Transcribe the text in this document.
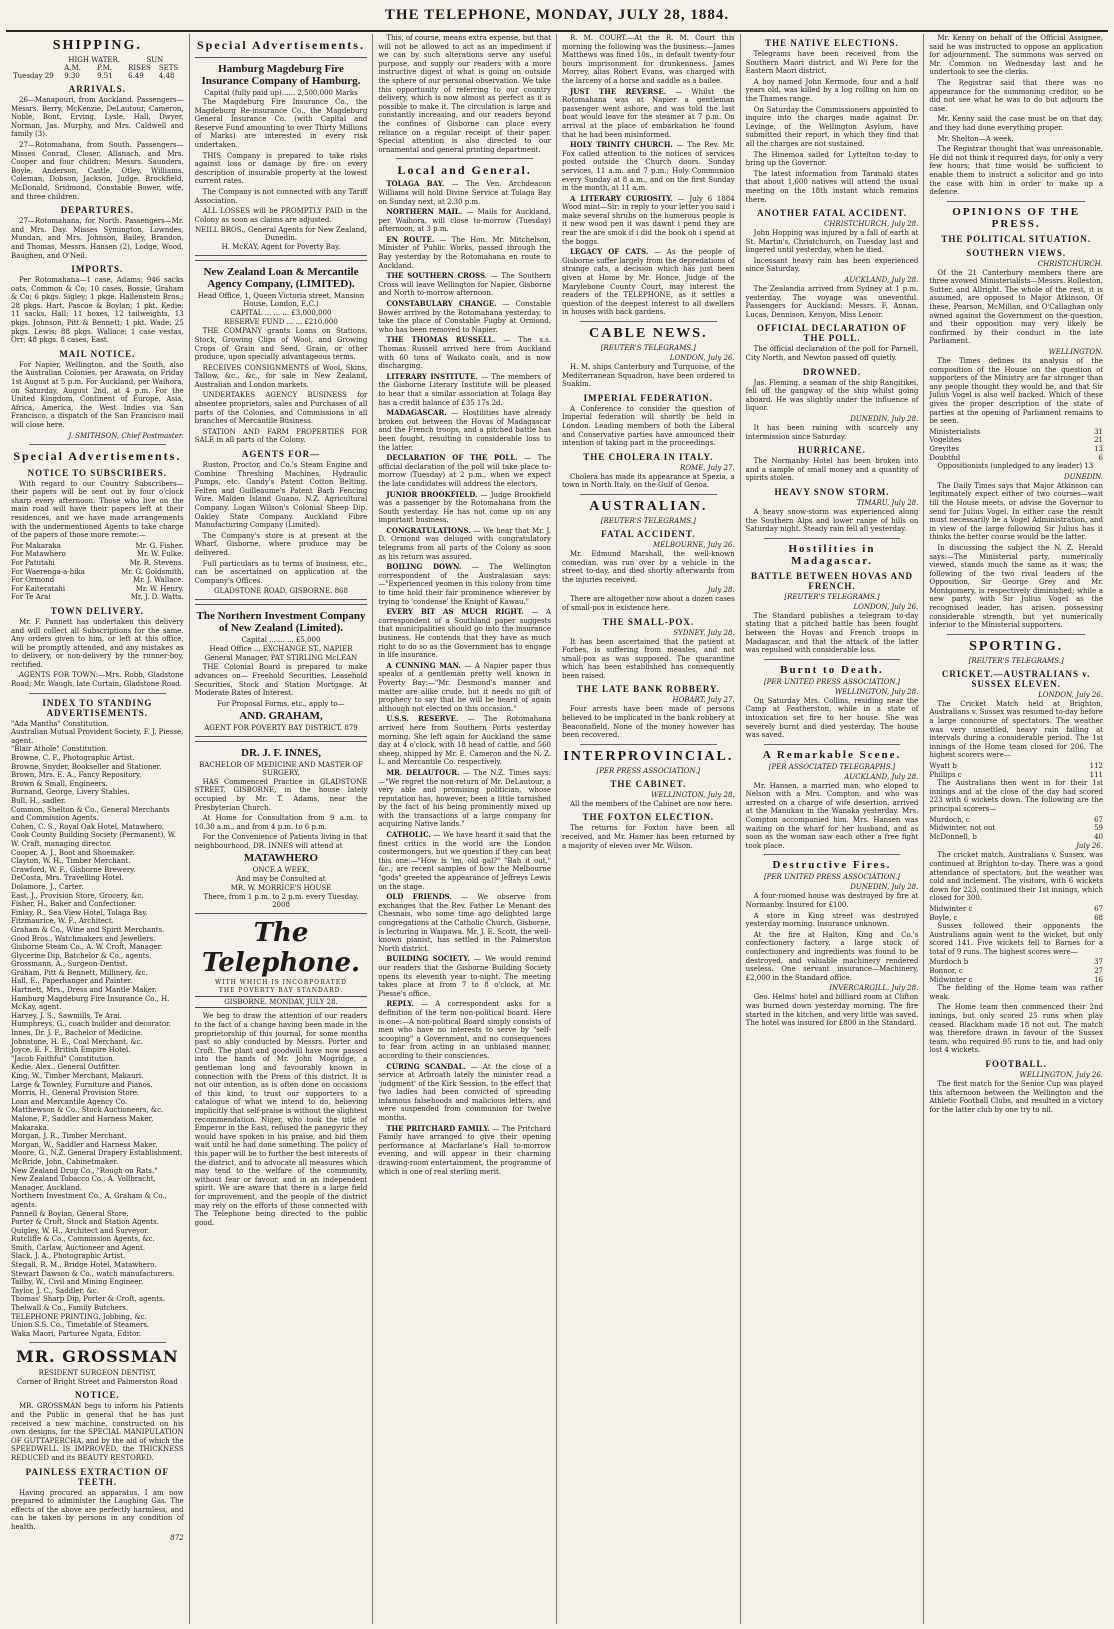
THE TELEPHONE, MONDAY, JULY 28, 1884.
SHIPPING.
	HIGH WATER.		SUN	
	A.M.	P.M.	RISES	SETS
Tuesday 29	9.30	9.51	6.49	4.48
ARRIVALS.

26—Manapouri, from Auckland. Passengers—Messrs. Berry, McKenzie, DeLautour, Cameron, Noble, Bont, Erving, Lysle, Hall, Dwyer, Norman, Jas. Murphy, and Mrs. Caldwell and family (3).

27—Rotomahana, from South. Passengers—Misses Conrad, Closer, Allanach, and Mrs. Cooper and four children; Messrs. Saunders, Boyle, Anderson, Castle, Otley, Williams, Coleman, Dobson, Jackson, Judge, Brockfield, McDonald, Sridmond, Constable Bower, wife, and three children.

DEPARTURES.

27—Rotomahana, for North. Passengers—Mr. and Mrs. Day. Misses Symington, Lowndes, Mundan, and Mrs. Johnson, Bailey, Brandon, and Thomas, Messrs. Hansen (2), Lodge, Wood, Baughen, and O'Neil.

IMPORTS.

Per Rotomahana—1 case, Adams; 946 sacks oats, Common & Co; 10 cases, Bossie, Graham & Co; 6 pkgs. Sigley; 1 pkge. Hallenstein Bros.; 28 pkgs. Hart, Pascoe & Boylan; 1 pkt. Kedie; 11 sacks, Hall; 11 boxes, 12 tailweights, 13 pkgs. Johnson, Pitt & Bennett; 1 pkt. Wade; 25 pkgs. Lewis; 88 pkgs. Wallace; 1 case vestas, Orr; 48 pkgs. 8 cases, East.

MAIL NOTICE.

For Napier, Wellington, and the South, also the Australian Colonies, per Arawata, on Friday 1st August at 5 p.m. For Auckland, per Waihora, on Saturday, August 2nd, at 4 p.m. For the United Kingdom, Continent of Europe, Asia, Africa, America, the West Indies via San Francisco, a dispatch of the San Francisco mail will close here.

J. SMITHSON, Chief Postmaster.
Special Advertisements.
NOTICE TO SUBSCRIBERS.

With regard to our Country Subscribers—their papers will be sent out by four o'clock sharp every afternoon. Those who live on the main road will have their papers left at their residences, and we have made arrangements with the undermentioned Agents to take charge of the papers of those more remote:—

For Makaraka	Mr. G. Fisher.
For Matawhero	Mr. W. Fulke.
For Patutahi	Mr. R. Stevens.
For Waerenga-a-hika	Mr. G. Goldsmith.
For Ormond	Mr. J. Wallace.
For Kaiteratahi	Mr. W. Henry.
For Te Arai	Mr. J. D. Watts.
TOWN DELIVERY.

Mr. F. Pannett has undertaken this delivery and will collect all Subscriptions for the same. Any orders given to him, or left at this office, will be promptly attended, and any mistakes as to delivery, or non-delivery by the runner-boy, rectified.

AGENTS FOR TOWN:—Mrs. Robb, Gladstone Road; Mr. Waugh, late Curtain, Gladstone Road.

INDEX TO STANDING ADVERTISEMENTS.
"Ada Mantha" Constitution.
Australian Mutual Provident Society, F. J. Piesse, agent.
"Blair Athole" Constitution.
Browne, C. F., Photographic Artist.
Browne, Snyder, Bookseller and Stationer.
Brown, Mrs. E. A., Fancy Repository.
Brown & Small, Engineers.
Burnand, George, Livery Stables.
Bull, H., sadler.
Common, Shelton & Co., General Merchants and Commission Agents.
Cohen, C. S., Royal Oak Hotel, Matawhero.
Cook County Building Society (Permanent), W. W. Craft, managing director.
Cooper, A. J., Boot and Shoemaker.
Clayton, W. H., Timber Merchant.
Crawford, W. F., Gisborne Brewery.
DeCosta, Mrs. Travelling Hotel.
Dolamore, J., Carter.
East, J., Provision Store, Grocery, &c.
Fisher, H., Baker and Confectioner.
Finlay, R., Sea View Hotel, Tolaga Bay.
Fitzmaurice, W. F., Architect.
Graham & Co., Wine and Spirit Merchants.
Good Bros., Watchmakers and Jewellers.
Gisborne Steam Co., A. W. Croft, Manager.
Glycerine Dip, Batchelor & Co., agents.
Grossmann, A., Surgeon-Dentist.
Graham, Pitt & Bennett, Millinery, &c.
Hall, E., Paperhanger and Painter.
Hartnett, Mrs., Dress and Mantle Maker.
Hamburg Magdeburg Fire Insurance Co., H. McKay, agent.
Harvey, J. S., Sawmills, Te Arai.
Humphreys, G., coach builder and decorator.
Innes, Dr. J. F., Bachelor of Medicine.
Johnstone, H. E., Coal Merchant, &c.
Joyce, E. F., British Empire Hotel.
"Jacob Faithful" Constitution.
Kedie, Alex., General Outfitter.
King, W., Timber Merchant, Makauri.
Large & Townley, Furniture and Pianos.
Morris, H., General Provision Store.
Loan and Mercantile Agency Co.
Matthewson & Co., Stock Auctioneers, &c.
Malone, P., Saddler and Harness Maker, Makaraka.
Morgan, J. R., Timber Merchant.
Morgan, W., Saddler and Harness Maker.
Moore, G., N.Z. General Drapery Establishment.
McBride, John, Cabinetmaker.
New Zealand Drug Co., "Rough on Rats."
New Zealand Tobacco Co., A. Vollbracht, Manager, Auckland.
Northern Investment Co., A. Graham & Co., agents.
Pannell & Boylan, General Store.
Porter & Croft, Stock and Station Agents.
Quigley, W. H., Architect and Surveyor.
Rutcliffe & Co., Commission Agents, &c.
Smith, Carlaw, Auctioneer and Agent.
Slack, J. A., Photographic Artist.
Stegall, R. M., Bridge Hotel, Matawhero.
Stewart Dawson & Co., watch manufacturers.
Tailby, W., Civil and Mining Engineer.
Taylor, J. C., Saddler, &c.
Thomas' Sharp Dip, Porter & Croft, agents.
Thelwall & Co., Family Butchers.
TELEPHONE PRINTING, Jobbing, &c.
Union S.S. Co., Timetable of Steamers.
Waka Maori, Parturee Ngata, Editor.
MR. GROSSMAN
RESIDENT SURGEON DENTIST,
Corner of Bright Street and Palmerston Road
NOTICE.

MR. GROSSMAN begs to inform his Patients and the Public in general that he has just received a new machine, constructed on his own designs, for the SPECIAL MANIPULATION OF GUTTAPERCHA, and by the aid of which the SPEEDWELL IS IMPROVED, the THICKNESS REDUCED and its BEAUTY RESTORED.

PAINLESS EXTRACTION OF TEETH.

Having procured an apparatus, I am now prepared to administer the Laughing Gas. The effects of the above are perfectly harmless, and can be taken by persons in any condition of health.

872
Special Advertisements.
Hamburg Magdeburg Fire Insurance Company of Hamburg.
Capital (fully paid up)...... 2,500,000 Marks

The Magdeburg Fire Insurance Co., the Magdeburg Re-insurance Co., the Magdeburg General Insurance Co. (with Capital and Reserve Fund amounting to over Thirty Millions of Marks) are interested in every risk undertaken.

THIS Company is prepared to take risks against loss or damage by fire on every description of insurable property at the lowest current rates.

The Company is not connected with any Tariff Association.

ALL LOSSES will be PROMPTLY PAID in the Colony as soon as claims are adjusted.

NEILL BROS., General Agents for New Zealand, Dunedin.
H. McKAY, Agent for Poverty Bay.
New Zealand Loan & Mercantile Agency Company, (LIMITED).
Head Office, 1, Queen Victoria street, Mansion House, London, E.C.)
CAPITAL ... ... ... £3,000,000
RESERVE FUND ... ... £210,000

THE COMPANY grants Loans on Stations, Stock, Growing Clips of Wool, and Growing Crops of Grain and Seed, Grain, or other produce, upon specially advantageous terms.

RECEIVES CONSIGNMENTS of Wool, Skins, Tallow, &c., &c., for sale in New Zealand, Australian and London markets.

UNDERTAKES AGENCY BUSINESS for absentee proprietors, sales and Purchases of all parts of the Colonies, and Commissions in all branches of Mercantile Business.

STATION AND FARM PROPERTIES FOR SALE in all parts of the Colony.

AGENTS FOR—

Ruston, Proctor, and Co.'s Steam Engine and Combine Threshing Machines, Hydraulic Pumps, etc. Gandy's Patent Cotton Belting. Felten and Guilleaume's Patent Barb Fencing Wire. Malden Island Guano. N.Z. Agricultural Company. Logan Wilson's Colonial Sheep Dip. Oakley State Company. Auckland Fibre Manufacturing Company (Limited).

The Company's store is at present at the Wharf, Gisborne, where produce may be delivered.

Full particulars as to terms of business, etc., can be ascertained on application at the Company's Offices.

GLADSTONE ROAD, GISBORNE. 868
The Northern Investment Company of New Zealand (Limited).
Capital ... ... ... £5,000
Head Office ... EXCHANGE ST., NAPIER
General Manager, PAT STIRLING McLEAN

THE Colonial Board is prepared to make advances on— Freehold Securities, Leasehold Securities, Stock and Station Mortgage. At Moderate Rates of Interest.

For Proposal Forms, etc., apply to—
AND. GRAHAM,
AGENT FOR POVERTY BAY DISTRICT. 879
DR. J. F. INNES,
BACHELOR OF MEDICINE AND MASTER OF SURGERY,

HAS Commenced Practice in GLADSTONE STREET, GISBORNE, in the house lately occupied by Mr. T. Adams, near the Presbyterian Church.

At Home for Consultation from 9 a.m. to 10.30 a.m., and from 4 p.m. to 6 p.m.

For the Convenience of Patients living in that neighbourhood, DR. INNES will attend at

MATAWHERO
ONCE A WEEK,
And may be Consulted at
MR. W. MORRICE'S HOUSE
There, from 1 p.m. to 2 p.m. every Tuesday. 2008
The Telephone.
WITH WHICH IS INCORPORATED
THE POVERTY BAY STANDARD.
GISBORNE, MONDAY, JULY 28.

We beg to draw the attention of our readers to the fact of a change having been made in the proprietorship of this journal, for some months past so ably conducted by Messrs. Porter and Croft. The plant and goodwill have now passed into the hands of Mr. John Mogridge, a gentleman long and favourably known in connection with the Press of this district. It is not our intention, as is often done on occasions of this kind, to trust our supporters to a catalogue of what we intend to do, believing implicitly that self-praise is without the slightest recommendation. Niger, who took the title of Emperor in the East, refused the panegyric they would have spoken in his praise, and bid them wait until he had done something. The policy of this paper will be to further the best interests of the district, and to advocate all measures which may tend to the welfare of the community, without fear or favour, and in an independent spirit. We are aware that there is a large field for improvement, and the people of the district may rely on the efforts of those connected with The Telephone being directed to the public good.

This, of course, means extra expense, but that will not be allowed to act as an impediment if we can by such alterations serve any useful purpose, and supply our readers with a more instructive digest of what is going on outside the sphere of our personal observation. We take this opportunity of referring to our country delivery, which is now almost as perfect as it is possible to make it. The circulation is large and constantly increasing, and our readers beyond the confines of Gisborne can place every reliance on a regular receipt of their paper. Special attention is also directed to our ornamental and general printing department.

Local and General.

TOLAGA BAY. — The Ven. Archdeacon Williams will hold Divine Service at Tolaga Bay on Sunday next, at 2.30 p.m.

NORTHERN MAIL. — Mails for Auckland, per Waihora, will close to-morrow (Tuesday) afternoon, at 3 p.m.

EN ROUTE. — The Hon. Mr. Mitchelson, Minister of Public Works, passed through the Bay yesterday by the Rotomahana en route to Auckland.

THE SOUTHERN CROSS. — The Southern Cross will leave Wellington for Napier, Gisborne and North to-morrow afternoon.

CONSTABULARY CHANGE. — Constable Bower arrived by the Rotomahana yesterday, to take the place of Constable Fugby at Ormond, who has been removed to Napier.

THE THOMAS RUSSELL. — The s.s. Thomas Russell arrived here from Auckland with 60 tons of Waikato coals, and is now discharging.

LITERARY INSTITUTE. — The members of the Gisborne Literary Institute will be pleased to hear that a similar association at Tolaga Bay has a credit balance of £35 17s 2d.

MADAGASCAR. — Hostilities have already broken out between the Hovas of Madagascar and the French troops, and a pitched battle has been fought, resulting in considerable loss to the latter.

DECLARATION OF THE POLL. — The official declaration of the poll will take place to-morrow (Tuesday) at 2 p.m., when we expect the late candidates will address the electors.

JUNIOR BROOKFIELD. — Judge Brookfield was a passenger by the Rotomahana from the South yesterday. He has not come up on any important business.

CONGRATULATIONS. — We hear that Mr. J. D. Ormond was deluged with congratulatory telegrams from all parts of the Colony as soon as his return was assured.

BOILING DOWN. — The Wellington correspondent of the Australasian says:—"Experienced yeomen in this colony from time to time hold their fair prominence wherever by trying to 'condense' the Knight of Kawau."

EVERY BIT AS MUCH RIGHT. — A correspondent of a Southland paper suggests that municipalities should go into the insurance business. He contends that they have as much right to do so as the Government has to engage in life insurance.

A CUNNING MAN. — A Napier paper thus speaks of a gentleman pretty well known in Poverty Bay:—"Mr. Desmond's manner and matter are alike crude, but it needs no gift of prophecy to say that he will be heard of again although not elected on this occasion."

U.S.S. RESERVE. — The Rotomahana arrived here from Southern Ports yesterday morning. She left again for Auckland the same day at 4 o'clock, with 18 head of cattle, and 560 sheep, shipped by Mr. E. Cameron and the N. Z. L. and Mercantile Co. respectively.

MR. DELAUTOUR. — The N.Z. Times says:—"We regret the non-return of Mr. DeLautour, a very able and promising politician, whose reputation has, however, been a little tarnished by the fact of his being prominently mixed up with the transactions of a large company for acquiring Native lands."

CATHOLIC. — We have heard it said that the finest critics in the world are the London costermongers, but we question if they can beat this one:—"How is 'im, old gal?" "Bah it out," &c.; are recent samples of how the Melbourne "gods" greeted the appearance of Jeffreys Lewis on the stage.

OLD FRIENDS. — We observe from exchanges that the Rev. Father Le Menant des Chesnais, who some time ago delighted large congregations at the Catholic Church, Gisborne, is lecturing in Waipawa. Mr. J. E. Scott, the well-known pianist, has settled in the Palmerston North district.

BUILDING SOCIETY. — We would remind our readers that the Gisborne Building Society opens its eleventh year to-night. The meeting takes place at from 7 to 8 o'clock, at Mr. Piesse's office.

REPLY. — A correspondent asks for a definition of the term non-political board. Here is one:—A non-political Board simply consists of men who have no interests to serve by "self-scooping" a Government, and no consequences to fear from acting in an unbiased manner, according to their consciences.

CURING SCANDAL. — At the close of a service at Arbroath lately the minister read a 'judgment' of the Kirk Session, to the effect that two ladies had been convicted of spreading infamous falsehoods and malicious letters, and were suspended from communion for twelve months.

THE PRITCHARD FAMILY. — The Pritchard Family have arranged to give their opening performance at Macfarlane's Hall to-morrow evening, and will appear in their charming drawing-room entertainment, the programme of which is one of real sterling merit.

R. M. COURT.—At the R. M. Court this morning the following was the business:—James Matthews was fined 10s., in default twenty-four hours imprisonment for drunkenness. James Morrey, alias Robert Evans, was charged with the larceny of a horse and saddle as a bailee.

JUST THE REVERSE. — Whilst the Rotomahana was at Napier a gentleman passenger went ashore, and was told the last boat would leave for the steamer at 7 p.m. On arrival at the place of embarkation he found that he had been misinformed.

HOLY TRINITY CHURCH. — The Rev. Mr. Fox called attention to the notices of services posted outside the Church doors. Sunday services, 11 a.m. and 7 p.m.; Holy Communion every Sunday at 8 a.m., and on the first Sunday in the month, at 11 a.m.

A LITERARY CURIOSITY. — July 6 1884 Wood mint—Sir: in reply to your letter you said i make several shrubs on the humerous people is it new wood pen it was dawnt i pend they are rear the are smok if i did the book oh i spend at the boggs.

LEGACY OF CATS. — As the people of Gisborne suffer largely from the depredations of strange cats, a decision which has just been given at Home by Mr. Honce, Judge of the Marylebone County Court, may interest the readers of the TELEPHONE, as it settles a question of the deepest interest to all dwellers in houses with back gardens.

CABLE NEWS.
[REUTER'S TELEGRAMS.]
LONDON, July 26.

H. M. ships Canterbury and Turquoise, of the Mediterranean Squadron, have been ordered to Suakim.

IMPERIAL FEDERATION.

A Conference to consider the question of Imperial federation will shortly be held in London. Leading members of both the Liberal and Conservative parties have announced their intention of taking part in the proceedings.

THE CHOLERA IN ITALY.
ROME, July 27.

Cholera has made its appearance at Spezia, a town in North Italy, on the Gulf of Genoa.

AUSTRALIAN.
[REUTER'S TELEGRAMS.]
FATAL ACCIDENT.
MELBOURNE, July 26.

Mr. Edmund Marshall, the well-known comedian, was run over by a vehicle in the street to-day, and died shortly afterwards from the injuries received.

July 28.

There are altogether now about a dozen cases of small-pox in existence here.

THE SMALL-POX.
SYDNEY, July 28.

It has been ascertained that the patient at Forbes, is suffering from measles, and not small-pox as was supposed. The quarantine which has been established has consequently been raised.

THE LATE BANK ROBBERY.
HOBART, July 27.

Four arrests have been made of persons believed to be implicated in the bank robbery at Beaconsfield. None of the money however has been recovered.

INTERPROVINCIAL.
[PER PRESS ASSOCIATION.]
THE CABINET.
WELLINGTON, July 28.

All the members of the Cabinet are now here.

THE FOXTON ELECTION.

The returns for Foxton have been all received, and Mr. Hamer has been returned by a majority of eleven over Mr. Wilson.

THE NATIVE ELECTIONS.

Telegrams have been received from the Southern Maori district, and Wi Pere for the Eastern Maori district.

A boy named John Kermode, four and a half years old, was killed by a log rolling on him on the Thames range.

On Saturday the Commissioners appointed to inquire into the charges made against Dr. Levinge, of the Wellington Asylum, have submitted their report, in which they find that all the charges are not sustained.

The Hinemoa sailed for Lyttelton to-day to bring up the Governor.

The latest information from Taranaki states that about 1,600 natives will attend the usual meeting on the 18th instant which remains there.

ANOTHER FATAL ACCIDENT.
CHRISTCHURCH, July 28.

John Hopping was injured by a fall of earth at St. Martin's, Christchurch, on Tuesday last and lingered until yesterday, when he died.

Incessant heavy rain has been experienced since Saturday.

AUCKLAND, July 28.

The Zealandia arrived from Sydney at 1 p.m. yesterday. The voyage was uneventful. Passengers for Auckland: Messrs. F. Annan, Lucas, Dennison, Kenyon, Miss Lenoir.

OFFICIAL DECLARATION OF THE POLL.

The official declaration of the poll for Parnell, City North, and Newton passed off quietly.

DROWNED.

Jas. Fleming, a seaman of the ship Rangitikei, fell off the gangway of the ship whilst going aboard. He was slightly under the influence of liquor.

DUNEDIN, July 28.

It has been raining with scarcely any intermission since Saturday.

HURRICANE.

The Normanby Hotel has been broken into and a sample of small money and a quantity of spirits stolen.

HEAVY SNOW STORM.
TIMARU, July 28.

A heavy snow-storm was experienced along the Southern Alps and lower range of hills on Saturday night. Steady rain fell all yesterday.

Hostilities in Madagascar.
BATTLE BETWEEN HOVAS AND FRENCH.
[REUTER'S TELEGRAMS.]
LONDON, July 26.

The Standard publishes a telegram to-day stating that a pitched battle has been fought between the Hovas and French troops in Madagascar, and that the attack of the latter was repulsed with considerable loss.

Burnt to Death.
[PER UNITED PRESS ASSOCIATION.]
WELLINGTON, July 28.

On Saturday Mrs. Collins, residing near the Camp at Featherston, while in a state of intoxication set fire to her house. She was severely burnt and died yesterday. The house was saved.

A Remarkable Scene.
[PER ASSOCIATED TELEGRAPHS.]
AUCKLAND, July 28.

Mr. Hansen, a married man, who eloped to Nelson with a Mrs. Compton, and who was arrested on a charge of wife desertion, arrived at the Manukau in the Wanaka yesterday. Mrs. Compton accompanied him. Mrs. Hansen was waiting on the wharf for her husband, and as soon as the woman saw each other a free fight took place.

Destructive Fires.
[PER UNITED PRESS ASSOCIATION.]
DUNEDIN, July 28.

A four-roomed house was destroyed by fire at Normanby. Insured for £100.

A store in King street was destroyed yesterday morning. Insurance unknown.

At the fire at Halton, King and Co.'s confectionery factory, a large stock of confectionery and ingredients was found to be destroyed, and valuable machinery rendered useless. One servant insurance—Machinery, £2,000 in the Standard office.

INVERCARGILL, July 28.

Geo. Helms' hotel and billiard room at Clifton was burned down yesterday morning. The fire started in the kitchen, and very little was saved. The hotel was insured for £800 in the Standard.

Mr. Kenny on behalf of the Official Assignee, said he was instructed to oppose an application for adjournment. The summons was served on Mr. Common on Wednesday last and he undertook to see the clerks.

The Registrar said that there was no appearance for the summoning creditor, so he did not see what he was to do but adjourn the case.

Mr. Kenny said the case must be on that day, and they had done everything proper.

Mr. Shelton—A week.

The Registrar thought that was unreasonable. He did not think it required days, for only a very few hours; that time would be sufficient to enable them to instruct a solicitor and go into the case with him in order to make up a defence.

OPINIONS OF THE PRESS.
THE POLITICAL SITUATION.
SOUTHERN VIEWS.
CHRISTCHURCH.

Of the 21 Canterbury members there are three avowed Ministerialists—Messrs. Rolleston, Sutter, and Allright. The whole of the rest, it is assumed, are opposed to Major Atkinson. Of these, Pearson, McMillan, and O'Callaghan only owned against the Government on the question, and their opposition may very likely be confirmed by their conduct in the late Parliament.

WELLINGTON.

The Times defines its analysis of the composition of the House on the question of supporters of the Ministry are far stronger than any people thought they would be, and that Sir Julius Vogel is also well backed. Which of these gives the proper description of the state of parties at the opening of Parliament remains to be seen.

Ministerialists	31
Vogelites	21
Greyites	13
Doubtful	6

Oppositionists (unpledged to any leader) 13

DUNEDIN.

The Daily Times says that Major Atkinson can legitimately expect either of two courses—wait till the House meets, or advise the Governor to send for Julius Vogel. In either case the result must necessarily be a Vogel Administration, and in view of the large following Sir Julius has it thinks the better course would be the latter.

In discussing the subject the N. Z. Herald says:—The Ministerial party, numerically viewed, stands much the same as it was; the following of the two rival leaders of the Opposition, Sir George Grey and Mr. Montgomery, is respectively diminished; while a new party, with Sir Julius Vogel as the recognised leader, has arisen, possessing considerable strength, but yet numerically inferior to the Ministerial supporters.

SPORTING.
[REUTER'S TELEGRAMS.]
CRICKET.—AUSTRALIANS v. SUSSEX ELEVEN.
LONDON, July 26.

The Cricket Match held at Brighton, Australians v. Sussex was resumed to-day before a large concourse of spectators. The weather was very unsettled, heavy rain falling at intervals during a considerable period. The 1st innings of the Home team closed for 206. The highest scorers were—

Wyatt b	112
Phillips c	111

The Australians then went in for their 1st innings and at the close of the day had scored 223 with 6 wickets down. The following are the principal scorers—

Murdoch, c	67
Midwinter, not out	59
McDonnell, b	40
July 26.

The cricket match, Australians v. Sussex, was continued at Brighton to-day. There was a good attendance of spectators, but the weather was cold and inclement. The visitors, with 6 wickets down for 223, continued their 1st innings, which closed for 300.

Midwinter c	67
Boyle, c	68

Sussex followed their opponents the Australians again went to the wicket, but only scored 141. Five wickets fell to Barnes for a total of 9 runs. The highest scores were—

Murdoch b	37
Bonnor, c	27
Midwinter c	16

The fielding of the Home team was rather weak.

The Home team then commenced their 2nd innings, but only scored 25 runs when play ceased. Blackham made 18 not out. The match was therefore drawn in favour of the Sussex team, who required 95 runs to tie, and had only lost 4 wickets.

FOOTBALL.
WELLINGTON, July 26.

The first match for the Senior Cup was played this afternoon between the Wellington and the Athletic Football Clubs, and resulted in a victory for the latter club by one try to nil.
